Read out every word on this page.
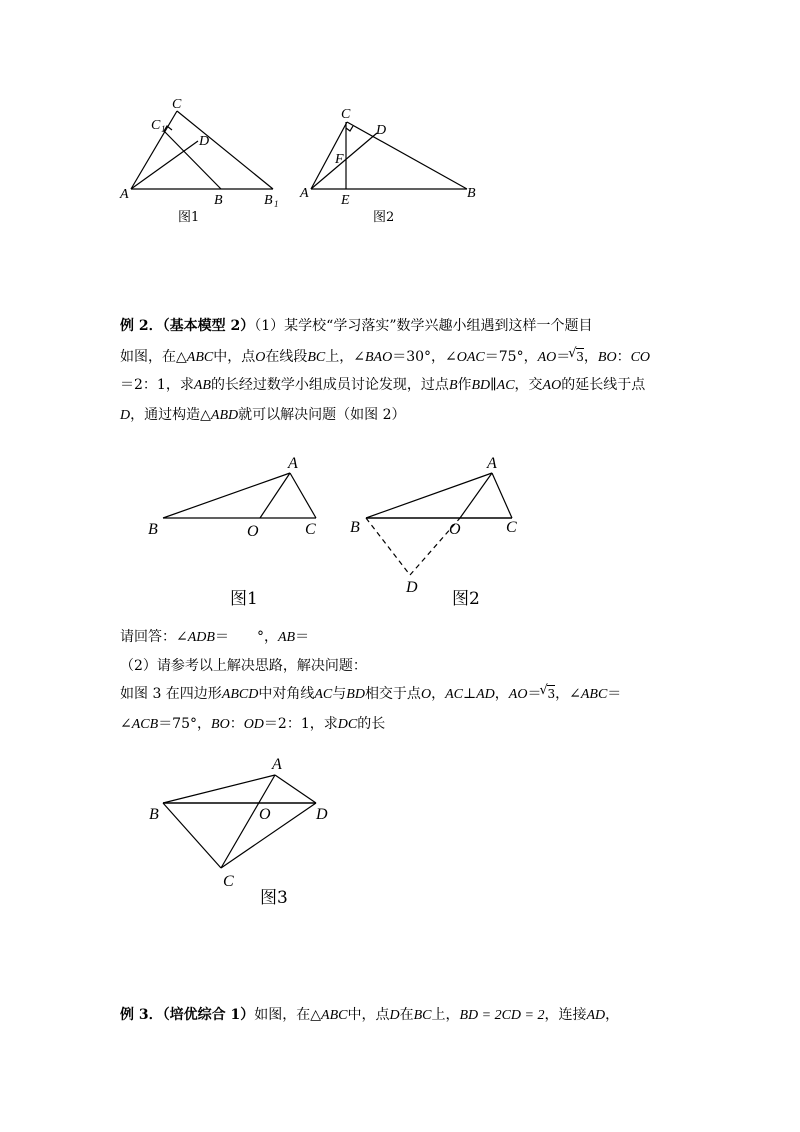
C
C 1
D
A	B	B 1
图1
C
D
F
A E	B
图2
例 2．（基本模型 2）（1）某学校“学习落实”数学兴趣小组遇到这样一个题目
如图，在△ABC中，点O在线段BC上，∠BAO＝30°，∠OAC＝75°，AO＝ √ 3，BO：CO
＝2：1，求AB的长经过数学小组成员讨论发现，过点B作BD∥AC，交AO的延长线于点
D，通过构造△ABD就可以解决问题（如图 2）
A
B	O	C
图1
A
B	O	C
D
图2
请回答：∠ADB＝　　°，AB＝
（2）请参考以上解决思路，解决问题：
如图 3 在四边形ABCD中对角线AC与BD相交于点O，AC⊥AD，AO＝ √ 3，∠ABC＝
∠ACB＝75°，BO：OD＝2：1，求DC的长
A
B	O	D
C
图3
例 3．（培优综合 1）如图，在△ABC中，点D在BC上，BD = 2CD = 2，连接AD，
